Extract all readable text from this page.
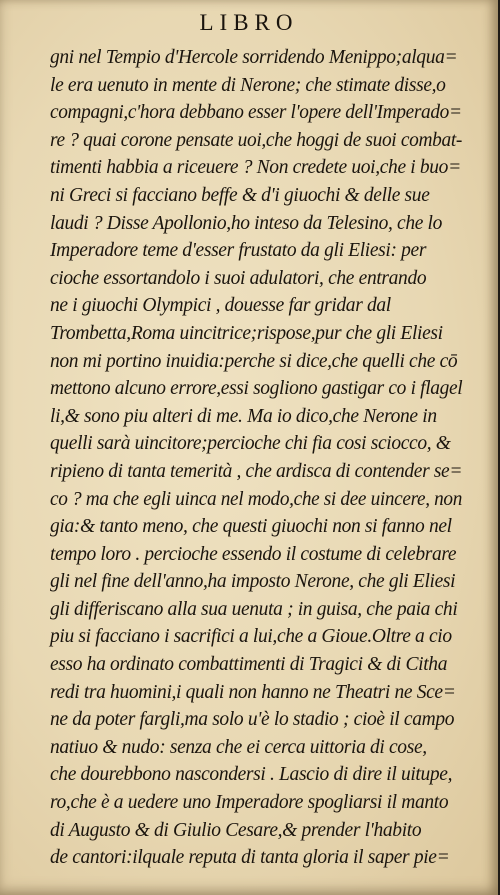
LIBRO
gni nel Tempio d'Hercole sorridendo Menippo;alqua=
le era uenuto in mente di Nerone; che stimate disse,o
compagni,c'hora debbano esser l'opere dell'Imperado=
re ? quai corone pensate uoi,che hoggi de suoi combat-
timenti habbia a riceuere ? Non credete uoi,che i buo=
ni Greci si facciano beffe & d'i giuochi & delle sue
laudi ? Disse Apollonio,ho inteso da Telesino, che lo
Imperadore teme d'esser frustato da gli Eliesi: per
cioche essortandolo i suoi adulatori, che entrando
ne i giuochi Olympici , douesse far gridar dal
Trombetta,Roma uincitrice;rispose,pur che gli Eliesi
non mi portino inuidia:perche si dice,che quelli che cō
mettono alcuno errore,essi sogliono gastigar co i flagel
li,& sono piu alteri di me. Ma io dico,che Nerone in
quelli sarà uincitore;percioche chi fia cosi sciocco, &
ripieno di tanta temerità , che ardisca di contender se=
co ? ma che egli uinca nel modo,che si dee uincere, non
gia:& tanto meno, che questi giuochi non si fanno nel
tempo loro . percioche essendo il costume di celebrare
gli nel fine dell'anno,ha imposto Nerone, che gli Eliesi
gli differiscano alla sua uenuta ; in guisa, che paia chi
piu si facciano i sacrifici a lui,che a Gioue.Oltre a cio
esso ha ordinato combattimenti di Tragici & di Citha
redi tra huomini,i quali non hanno ne Theatri ne Sce=
ne da poter fargli,ma solo u'è lo stadio ; cioè il campo
natiuo & nudo: senza che ei cerca uittoria di cose,
che dourebbono nascondersi . Lascio di dire il uitupe,
ro,che è a uedere uno Imperadore spogliarsi il manto
di Augusto & di Giulio Cesare,& prender l'habito
de cantori:ilquale reputa di tanta gloria il saper pie=
